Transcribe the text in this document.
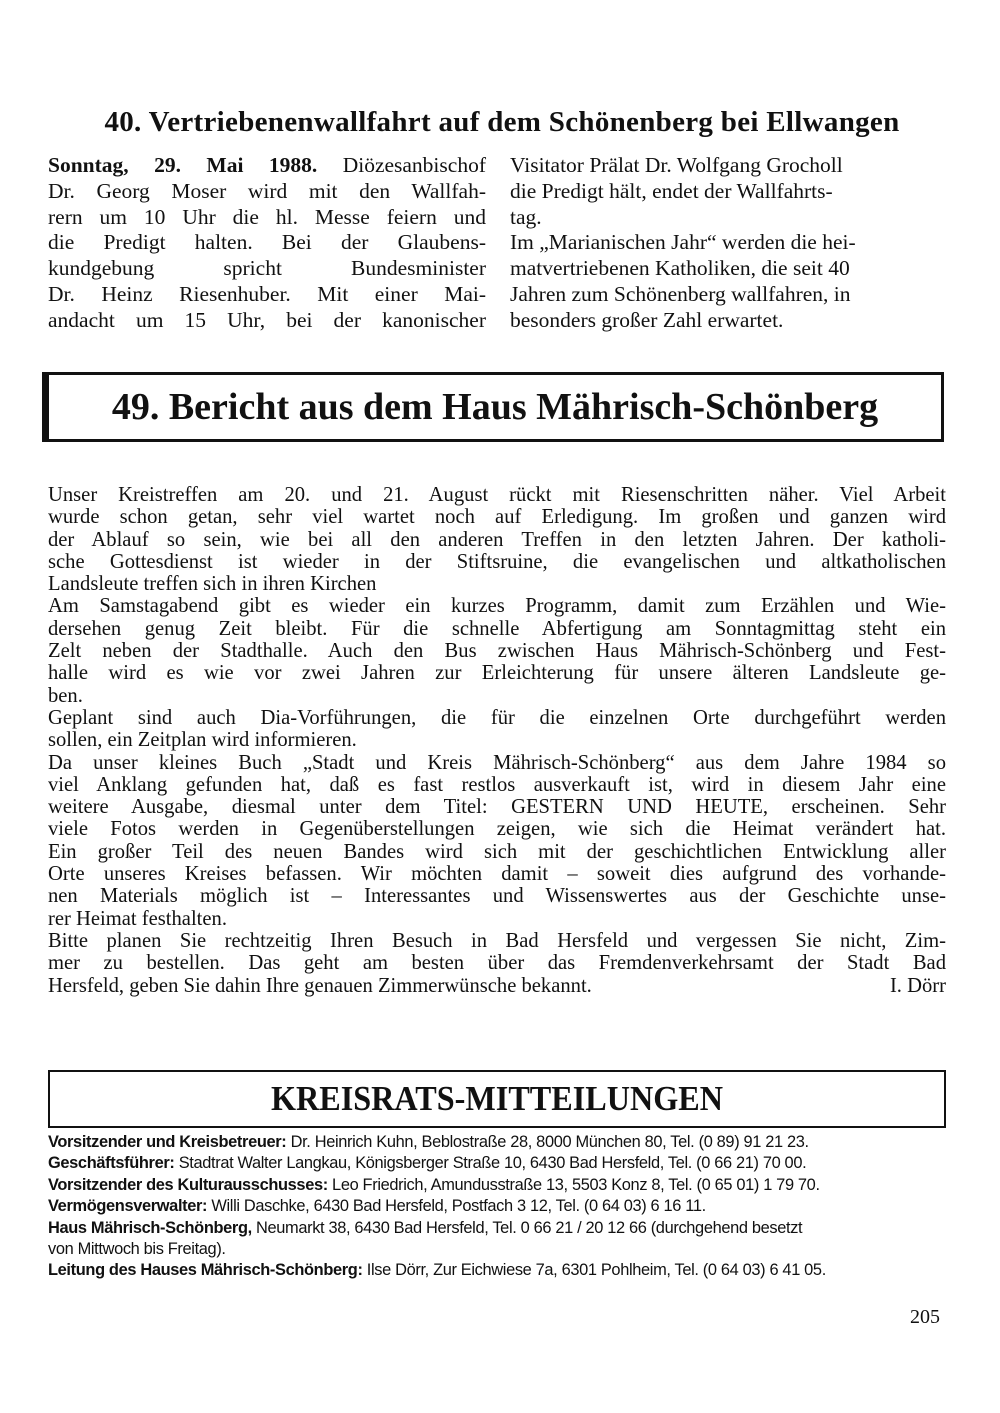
40. Vertriebenenwallfahrt auf dem Schönenberg bei Ellwangen
Sonntag, 29. Mai 1988. Diözesanbischof
Dr. Georg Moser wird mit den Wallfah-
rern um 10 Uhr die hl. Messe feiern und
die Predigt halten. Bei der Glaubens-
kundgebung spricht Bundesminister
Dr. Heinz Riesenhuber. Mit einer Mai-
andacht um 15 Uhr, bei der kanonischer
Visitator Prälat Dr. Wolfgang Grocholl
die Predigt hält, endet der Wallfahrts-
tag.
Im „Marianischen Jahr“ werden die hei-
matvertriebenen Katholiken, die seit 40
Jahren zum Schönenberg wallfahren, in
besonders großer Zahl erwartet.
49. Bericht aus dem Haus Mährisch-Schönberg
Unser Kreistreffen am 20. und 21. August rückt mit Riesenschritten näher. Viel Arbeit
wurde schon getan, sehr viel wartet noch auf Erledigung. Im großen und ganzen wird
der Ablauf so sein, wie bei all den anderen Treffen in den letzten Jahren. Der katholi-
sche Gottesdienst ist wieder in der Stiftsruine, die evangelischen und altkatholischen
Landsleute treffen sich in ihren Kirchen
Am Samstagabend gibt es wieder ein kurzes Programm, damit zum Erzählen und Wie-
dersehen genug Zeit bleibt. Für die schnelle Abfertigung am Sonntagmittag steht ein
Zelt neben der Stadthalle. Auch den Bus zwischen Haus Mährisch-Schönberg und Fest-
halle wird es wie vor zwei Jahren zur Erleichterung für unsere älteren Landsleute ge-
ben.
Geplant sind auch Dia-Vorführungen, die für die einzelnen Orte durchgeführt werden
sollen, ein Zeitplan wird informieren.
Da unser kleines Buch „Stadt und Kreis Mährisch-Schönberg“ aus dem Jahre 1984 so
viel Anklang gefunden hat, daß es fast restlos ausverkauft ist, wird in diesem Jahr eine
weitere Ausgabe, diesmal unter dem Titel: GESTERN UND HEUTE, erscheinen. Sehr
viele Fotos werden in Gegenüberstellungen zeigen, wie sich die Heimat verändert hat.
Ein großer Teil des neuen Bandes wird sich mit der geschichtlichen Entwicklung aller
Orte unseres Kreises befassen. Wir möchten damit – soweit dies aufgrund des vorhande-
nen Materials möglich ist – Interessantes und Wissenswertes aus der Geschichte unse-
rer Heimat festhalten.
Bitte planen Sie rechtzeitig Ihren Besuch in Bad Hersfeld und vergessen Sie nicht, Zim-
mer zu bestellen. Das geht am besten über das Fremdenverkehrsamt der Stadt Bad
Hersfeld, geben Sie dahin Ihre genauen Zimmerwünsche bekannt.	I. Dörr
KREISRATS-MITTEILUNGEN
Vorsitzender und Kreisbetreuer: Dr. Heinrich Kuhn, Beblostraße 28, 8000 München 80, Tel. (0 89) 91 21 23.
Geschäftsführer: Stadtrat Walter Langkau, Königsberger Straße 10, 6430 Bad Hersfeld, Tel. (0 66 21) 70 00.
Vorsitzender des Kulturausschusses: Leo Friedrich, Amundusstraße 13, 5503 Konz 8, Tel. (0 65 01) 1 79 70.
Vermögensverwalter: Willi Daschke, 6430 Bad Hersfeld, Postfach 3 12, Tel. (0 64 03) 6 16 11.
Haus Mährisch-Schönberg, Neumarkt 38, 6430 Bad Hersfeld, Tel. 0 66 21 / 20 12 66 (durchgehend besetzt
von Mittwoch bis Freitag).
Leitung des Hauses Mährisch-Schönberg: Ilse Dörr, Zur Eichwiese 7a, 6301 Pohlheim, Tel. (0 64 03) 6 41 05.
205
